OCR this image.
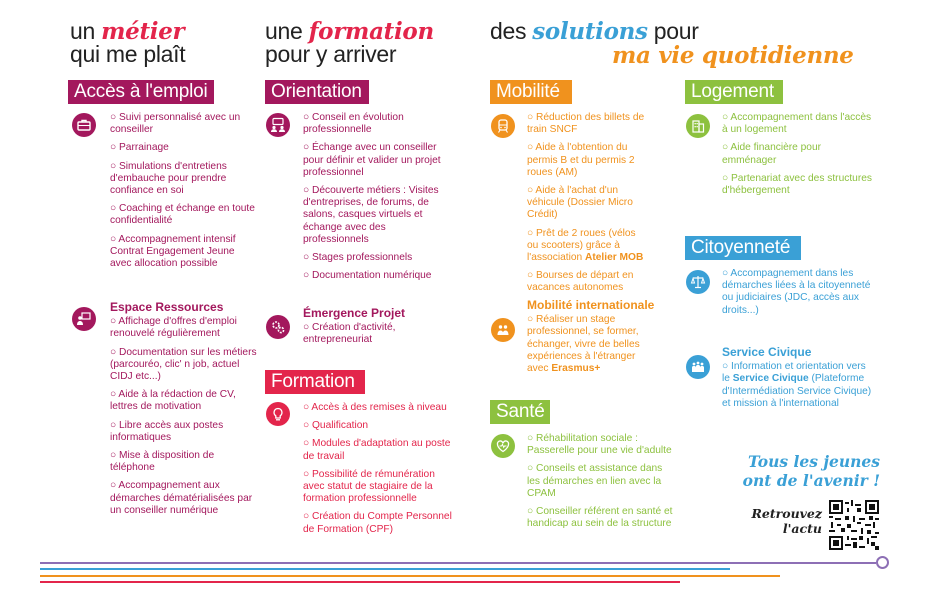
un métier
qui me plaît
une formation
pour y arriver
des solutions pour
ma vie quotidienne
Accès à l'emploi
○ Suivi personnalisé avec un conseiller
○ Parrainage
○ Simulations d'entretiens d'embauche pour prendre confiance en soi
○ Coaching et échange en toute confidentialité
○ Accompagnement intensif Contrat Engagement Jeune avec allocation possible
Espace Ressources
○ Affichage d'offres d'emploi renouvelé régulièrement
○ Documentation sur les métiers (parcouréo, clic' n job, actuel CIDJ etc...)
○ Aide à la rédaction de CV, lettres de motivation
○ Libre accès aux postes informatiques
○ Mise à disposition de téléphone
○ Accompagnement aux démarches dématérialisées par un conseiller numérique
Orientation
○ Conseil en évolution professionnelle
○ Échange avec un conseiller pour définir et valider un projet professionnel
○ Découverte métiers : Visites d'entreprises, de forums, de salons, casques virtuels et échange avec des professionnels
○ Stages professionnels
○ Documentation numérique
Émergence Projet
○ Création d'activité, entrepreneuriat
Formation
○ Accès à des remises à niveau
○ Qualification
○ Modules d'adaptation au poste de travail
○ Possibilité de rémunération avec statut de stagiaire de la formation professionnelle
○ Création du Compte Personnel de Formation (CPF)
Mobilité
○ Réduction des billets de train SNCF
○ Aide à l'obtention du permis B et du permis 2 roues (AM)
○ Aide à l'achat d'un véhicule (Dossier Micro Crédit)
○ Prêt de 2 roues (vélos ou scooters) grâce à l'association Atelier MOB
○ Bourses de départ en vacances autonomes
Mobilité internationale
○ Réaliser un stage professionnel, se former, échanger, vivre de belles expériences à l'étranger avec Erasmus+
Santé
○ Réhabilitation sociale : Passerelle pour une vie d'adulte
○ Conseils et assistance dans les démarches en lien avec la CPAM
○ Conseiller référent en santé et handicap au sein de la structure
Logement
○ Accompagnement dans l'accès à un logement
○ Aide financière pour emménager
○ Partenariat avec des structures d'hébergement
Citoyenneté
○ Accompagnement dans les démarches liées à la citoyenneté ou judiciaires (JDC, accès aux droits...)
Service Civique
○ Information et orientation vers le Service Civique (Plateforme d'Intermédiation Service Civique) et mission à l'international
Tous les jeunes ont de l'avenir !
Retrouvez l'actu
